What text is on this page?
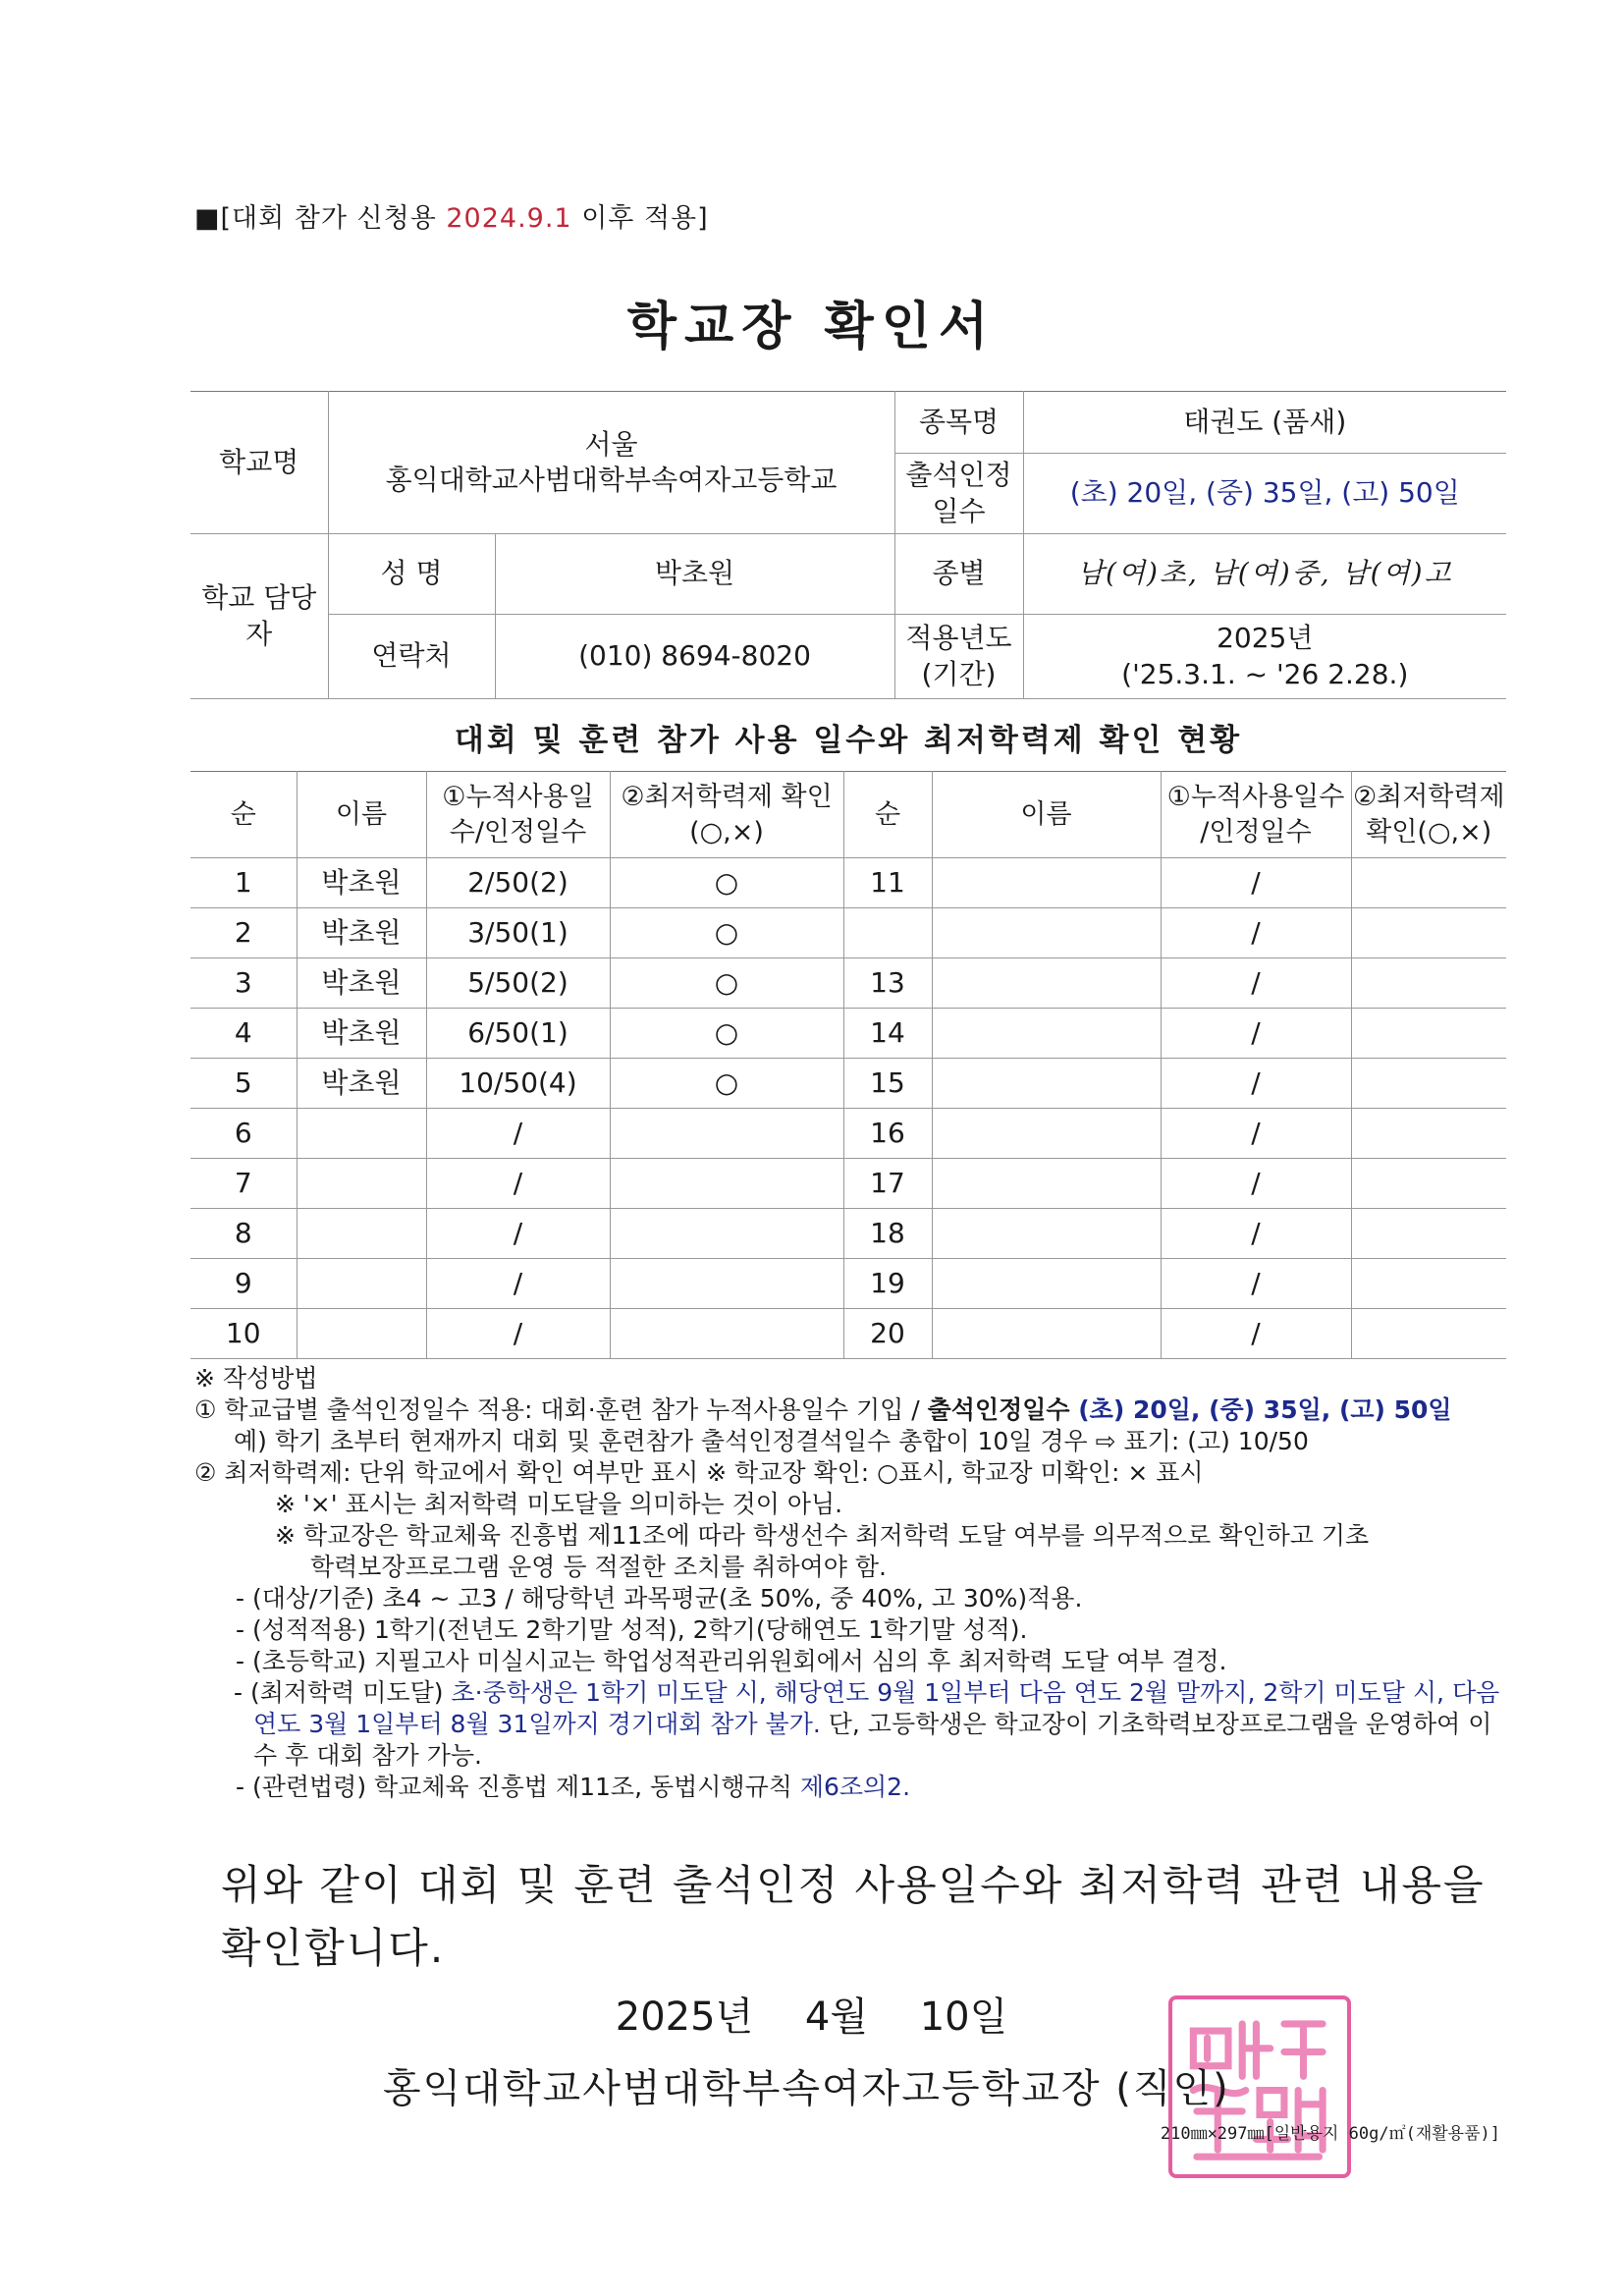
■[대회 참가 신청용 2024.9.1 이후 적용]
학교장 확인서
학교명	서울
홍익대학교사범대학부속여자고등학교		종목명	태권도 (품새)
			출석인정 일수	(초) 20일, (중) 35일, (고) 50일
학교 담당자	성 명	박초원	종별	남(여)초, 남(여)중, 남(여)고
	연락처	(010) 8694-8020	적용년도 (기간)	2025년
('25.3.1. ~ '26 2.28.)
대회 및 훈련 참가 사용 일수와 최저학력제 확인 현황
순	이름	①누적사용일수/인정일수	②최저학력제 확인(○,×)	순	이름	①누적사용일수 /인정일수	②최저학력제 확인(○,×)
1	박초원	2/50(2)	○	11		/	
2	박초원	3/50(1)	○			/	
3	박초원	5/50(2)	○	13		/	
4	박초원	6/50(1)	○	14		/	
5	박초원	10/50(4)	○	15		/	
6		/		16		/	
7		/		17		/	
8		/		18		/	
9		/		19		/	
10		/		20		/	

※ 작성방법

① 학교급별 출석인정일수 적용: 대회·훈련 참가 누적사용일수 기입 / 출석인정일수 (초) 20일, (중) 35일, (고) 50일

예) 학기 초부터 현재까지 대회 및 훈련참가 출석인정결석일수 총합이 10일 경우 ⇨ 표기: (고) 10/50

② 최저학력제: 단위 학교에서 확인 여부만 표시 ※ 학교장 확인: ○표시, 학교장 미확인: × 표시

※ '×' 표시는 최저학력 미도달을 의미하는 것이 아님.

※ 학교장은 학교체육 진흥법 제11조에 따라 학생선수 최저학력 도달 여부를 의무적으로 확인하고 기초

학력보장프로그램 운영 등 적절한 조치를 취하여야 함.

- (대상/기준) 초4 ~ 고3 / 해당학년 과목평균(초 50%, 중 40%, 고 30%)적용.

- (성적적용) 1학기(전년도 2학기말 성적), 2학기(당해연도 1학기말 성적).

- (초등학교) 지필고사 미실시교는 학업성적관리위원회에서 심의 후 최저학력 도달 여부 결정.

- (최저학력 미도달) 초·중학생은 1학기 미도달 시, 해당연도 9월 1일부터 다음 연도 2월 말까지, 2학기 미도달 시, 다음 연도 3월 1일부터 8월 31일까지 경기대회 참가 불가. 단, 고등학생은 학교장이 기초학력보장프로그램을 운영하여 이수 후 대회 참가 가능.

- (관련법령) 학교체육 진흥법 제11조, 동법시행규칙 제6조의2.

위와 같이 대회 및 훈련 출석인정 사용일수와 최저학력 관련 내용을 확인합니다.
2025년 4월 10일
홍익대학교사범대학부속여자고등학교장 (직인)
210㎜×297㎜[일반용지 60g/㎡(재활용품)]
